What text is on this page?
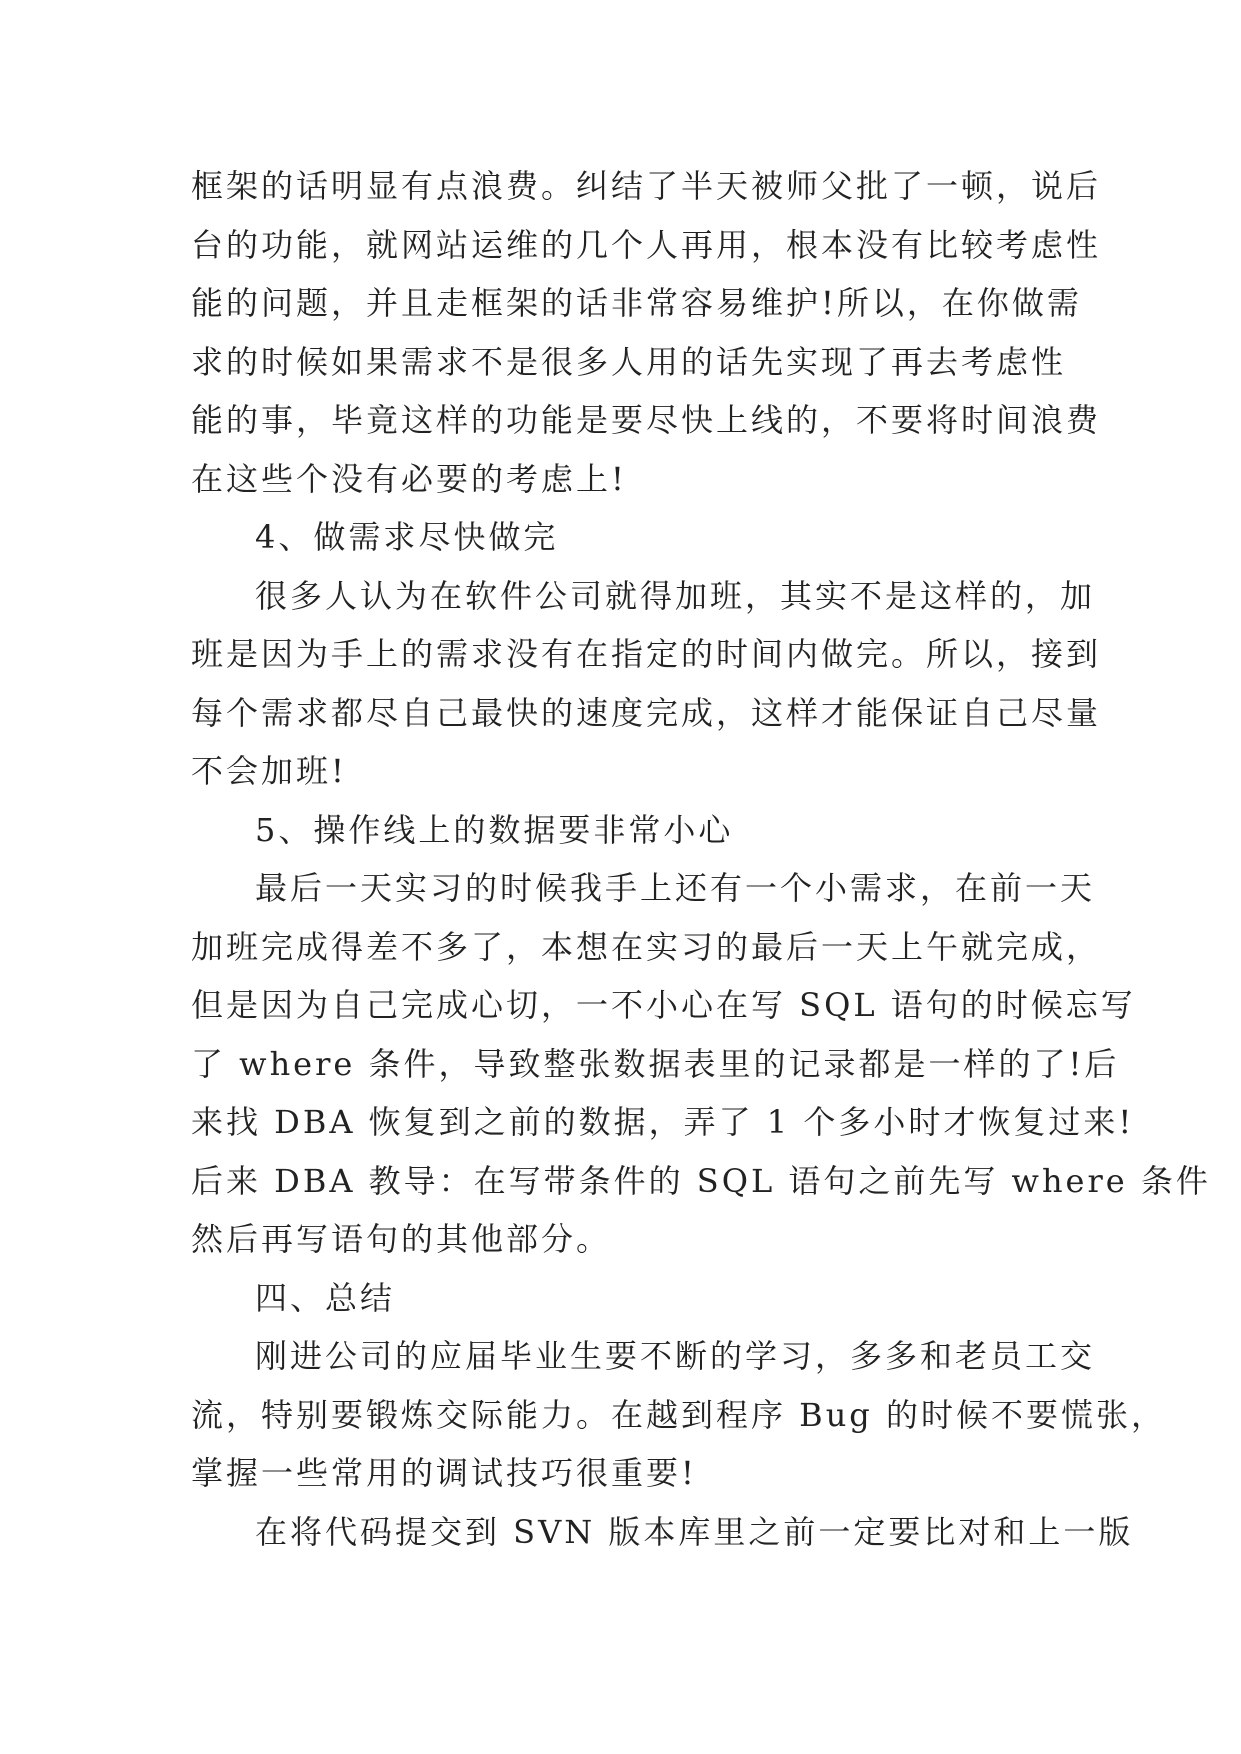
框架的话明显有点浪费。纠结了半天被师父批了一顿，说后
台的功能，就网站运维的几个人再用，根本没有比较考虑性
能的问题，并且走框架的话非常容易维护!所以，在你做需
求的时候如果需求不是很多人用的话先实现了再去考虑性
能的事，毕竟这样的功能是要尽快上线的，不要将时间浪费
在这些个没有必要的考虑上!
4、做需求尽快做完
很多人认为在软件公司就得加班，其实不是这样的，加
班是因为手上的需求没有在指定的时间内做完。所以，接到
每个需求都尽自己最快的速度完成，这样才能保证自己尽量
不会加班!
5、操作线上的数据要非常小心
最后一天实习的时候我手上还有一个小需求，在前一天
加班完成得差不多了，本想在实习的最后一天上午就完成，
但是因为自己完成心切，一不小心在写 SQL 语句的时候忘写
了 where 条件，导致整张数据表里的记录都是一样的了!后
来找 DBA 恢复到之前的数据，弄了 1 个多小时才恢复过来!
后来 DBA 教导：在写带条件的 SQL 语句之前先写 where 条件
然后再写语句的其他部分。
四、总结
刚进公司的应届毕业生要不断的学习，多多和老员工交
流，特别要锻炼交际能力。在越到程序 Bug 的时候不要慌张，
掌握一些常用的调试技巧很重要!
在将代码提交到 SVN 版本库里之前一定要比对和上一版
